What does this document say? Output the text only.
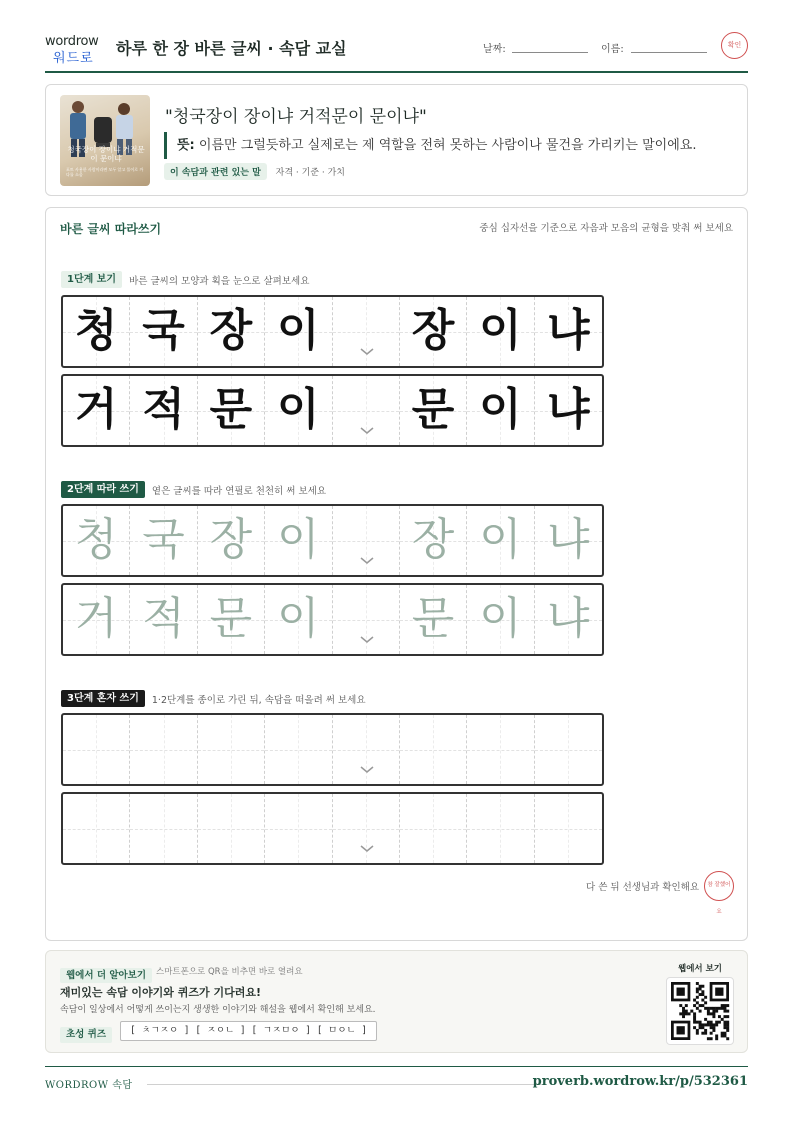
wordrow
워드로
하루 한 장 바른 글씨 · 속담 교실	날짜:	이름:	확인
청국장이 장이냐 거적문이 문이냐
포트 사용한 사람이라면 모두 알고 풀이로 까다를 소음
"청국장이 장이냐 거적문이 문이냐"
뜻: 이름만 그럴듯하고 실제로는 제 역할을 전혀 못하는 사람이나 물건을 가리키는 말이에요.
이 속담과 관련 있는 말 자격 · 기준 · 가치
바른 글씨 따라쓰기	중심 십자선을 기준으로 자음과 모음의 균형을 맞춰 써 보세요
1단계 보기	바른 글씨의 모양과 획을 눈으로 살펴보세요
청 국 장 이 장 이 냐
거 적 문 이 문 이 냐
2단계 따라 쓰기	옅은 글씨를 따라 연필로 천천히 써 보세요
청 국 장 이 장 이 냐
거 적 문 이 문 이 냐
3단계 혼자 쓰기	1·2단계를 종이로 가린 뒤, 속담을 떠올려 써 보세요
다 쓴 뒤 선생님과 확인해요	참 잘했어요
웹에서 더 알아보기	스마트폰으로 QR을 비추면 바로 열려요
재미있는 속담 이야기와 퀴즈가 기다려요!
속담이 일상에서 어떻게 쓰이는지 생생한 이야기와 해설을 웹에서 확인해 보세요.
초성 퀴즈	[ ㅊㄱㅈㅇ ] [ ㅈㅇㄴ ] [ ㄱㅈㅁㅇ ] [ ㅁㅇㄴ ]
웹에서 보기
WORDROW 속담	proverb.wordrow.kr/p/532361
